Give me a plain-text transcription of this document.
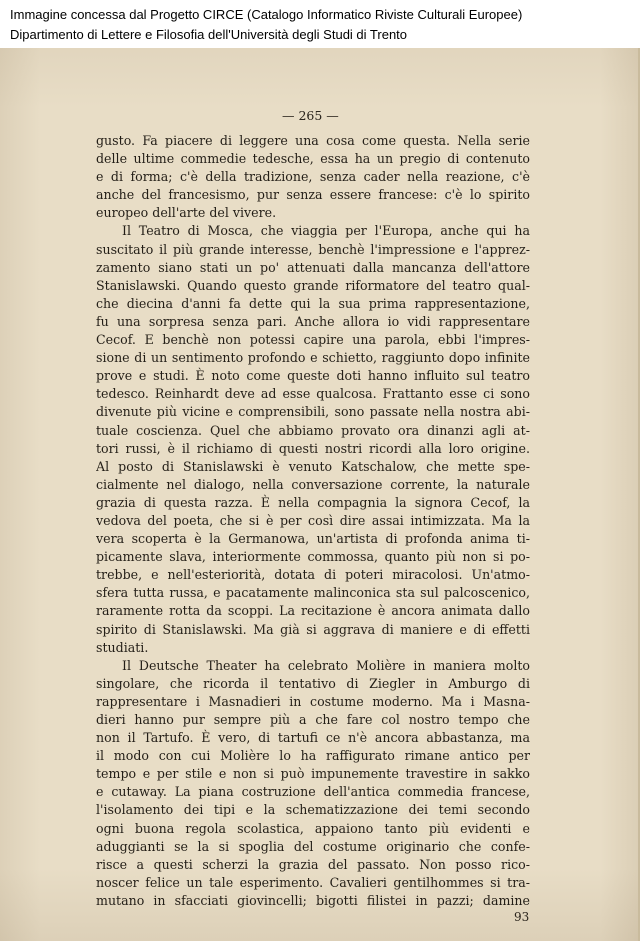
Immagine concessa dal Progetto CIRCE (Catalogo Informatico Riviste Culturali Europee)
Dipartimento di Lettere e Filosofia dell'Università degli Studi di Trento
— 265 —
gusto. Fa piacere di leggere una cosa come questa. Nella serie
delle ultime commedie tedesche, essa ha un pregio di contenuto
e di forma; c'è della tradizione, senza cader nella reazione, c'è
anche del francesismo, pur senza essere francese: c'è lo spirito
europeo dell'arte del vivere.
Il Teatro di Mosca, che viaggia per l'Europa, anche qui ha
suscitato il più grande interesse, benchè l'impressione e l'apprez-
zamento siano stati un po' attenuati dalla mancanza dell'attore
Stanislawski. Quando questo grande riformatore del teatro qual-
che diecina d'anni fa dette qui la sua prima rappresentazione,
fu una sorpresa senza pari. Anche allora io vidi rappresentare
Cecof. E benchè non potessi capire una parola, ebbi l'impres-
sione di un sentimento profondo e schietto, raggiunto dopo infinite
prove e studi. È noto come queste doti hanno influito sul teatro
tedesco. Reinhardt deve ad esse qualcosa. Frattanto esse ci sono
divenute più vicine e comprensibili, sono passate nella nostra abi-
tuale coscienza. Quel che abbiamo provato ora dinanzi agli at-
tori russi, è il richiamo di questi nostri ricordi alla loro origine.
Al posto di Stanislawski è venuto Katschalow, che mette spe-
cialmente nel dialogo, nella conversazione corrente, la naturale
grazia di questa razza. È nella compagnia la signora Cecof, la
vedova del poeta, che si è per così dire assai intimizzata. Ma la
vera scoperta è la Germanowa, un'artista di profonda anima ti-
picamente slava, interiormente commossa, quanto più non si po-
trebbe, e nell'esteriorità, dotata di poteri miracolosi. Un'atmo-
sfera tutta russa, e pacatamente malinconica sta sul palcoscenico,
raramente rotta da scoppi. La recitazione è ancora animata dallo
spirito di Stanislawski. Ma già si aggrava di maniere e di effetti
studiati.
Il Deutsche Theater ha celebrato Molière in maniera molto
singolare, che ricorda il tentativo di Ziegler in Amburgo di
rappresentare i Masnadieri in costume moderno. Ma i Masna-
dieri hanno pur sempre più a che fare col nostro tempo che
non il Tartufo. È vero, di tartufi ce n'è ancora abbastanza, ma
il modo con cui Molière lo ha raffigurato rimane antico per
tempo e per stile e non si può impunemente travestire in sakko
e cutaway. La piana costruzione dell'antica commedia francese,
l'isolamento dei tipi e la schematizzazione dei temi secondo
ogni buona regola scolastica, appaiono tanto più evidenti e
aduggianti se la si spoglia del costume originario che confe-
risce a questi scherzi la grazia del passato. Non posso rico-
noscer felice un tale esperimento. Cavalieri gentilhommes si tra-
mutano in sfacciati giovincelli; bigotti filistei in pazzi; damine
93
